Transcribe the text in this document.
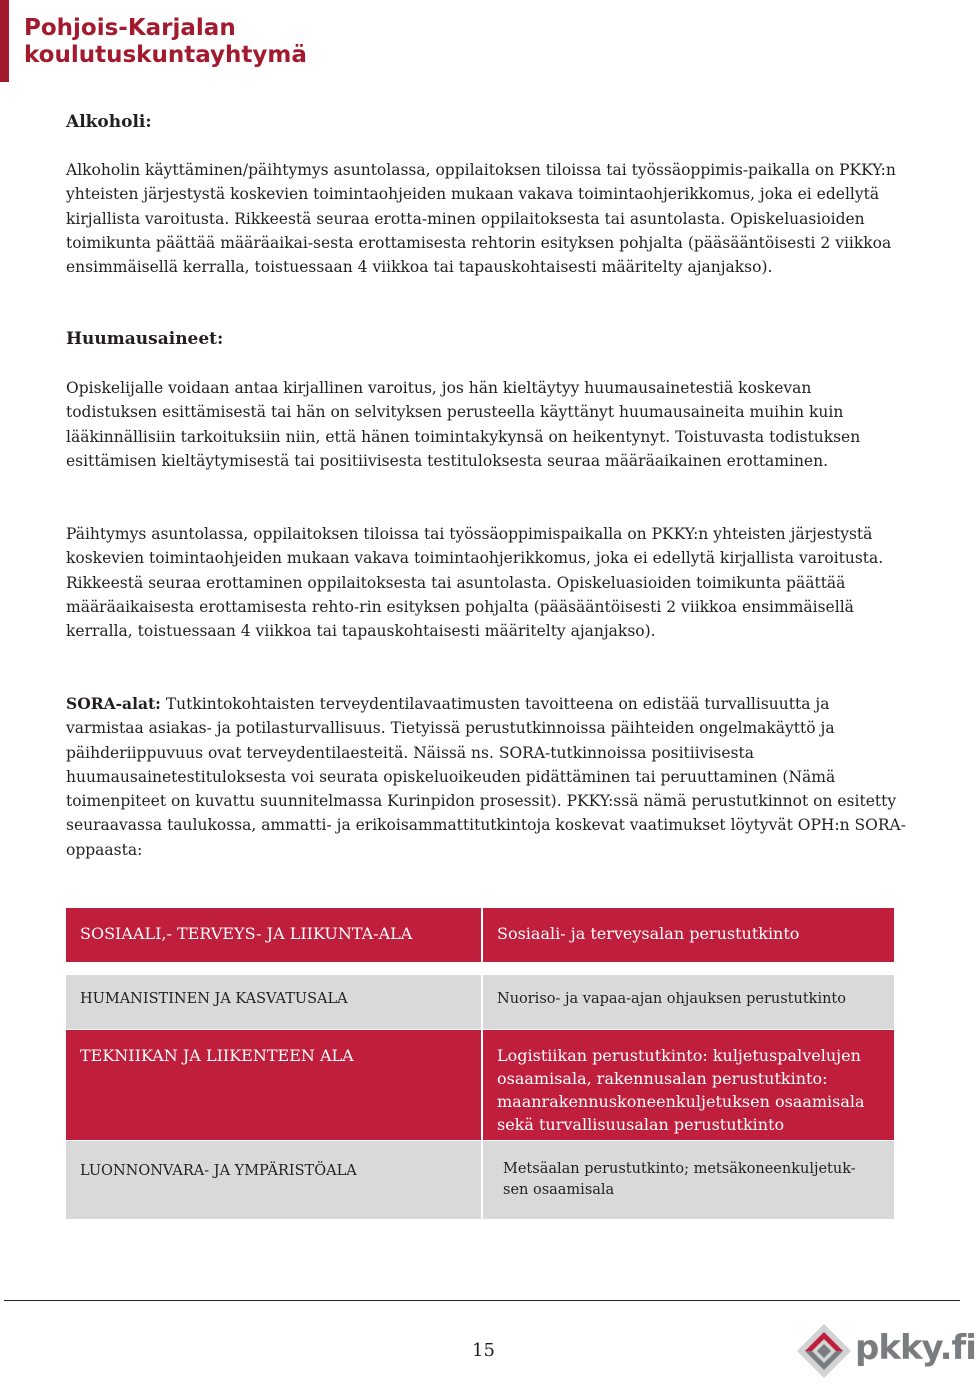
Pohjois-Karjalan
koulutuskuntayhtymä

Alkoholi:

Alkoholin käyttäminen/päihtymys asuntolassa, oppilaitoksen tiloissa tai työssäoppimis-paikalla on PKKY:n yhteisten järjestystä koskevien toimintaohjeiden mukaan vakava toimintaohjerikkomus, joka ei edellytä kirjallista varoitusta. Rikkeestä seuraa erotta-minen oppilaitoksesta tai asuntolasta. Opiskeluasioiden toimikunta päättää määräaikai-sesta erottamisesta rehtorin esityksen pohjalta (pääsääntöisesti 2 viikkoa ensimmäisellä kerralla, toistuessaan 4 viikkoa tai tapauskohtaisesti määritelty ajanjakso).

Huumausaineet:

Opiskelijalle voidaan antaa kirjallinen varoitus, jos hän kieltäytyy huumausainetestiä koskevan todistuksen esittämisestä tai hän on selvityksen perusteella käyttänyt huumausaineita muihin kuin lääkinnällisiin tarkoituksiin niin, että hänen toimintakykynsä on heikentynyt. Toistuvasta todistuksen esittämisen kieltäytymisestä tai positiivisesta testituloksesta seuraa määräaikainen erottaminen.

Päihtymys asuntolassa, oppilaitoksen tiloissa tai työssäoppimispaikalla on PKKY:n yhteisten järjestystä koskevien toimintaohjeiden mukaan vakava toimintaohjerikkomus, joka ei edellytä kirjallista varoitusta. Rikkeestä seuraa erottaminen oppilaitoksesta tai asuntolasta. Opiskeluasioiden toimikunta päättää määräaikaisesta erottamisesta rehto-rin esityksen pohjalta (pääsääntöisesti 2 viikkoa ensimmäisellä kerralla, toistuessaan 4 viikkoa tai tapauskohtaisesti määritelty ajanjakso).

SORA-alat: Tutkintokohtaisten terveydentilavaatimusten tavoitteena on edistää turvallisuutta ja varmistaa asiakas- ja potilasturvallisuus. Tietyissä perustutkinnoissa päihteiden ongelmakäyttö ja päihderiippuvuus ovat terveydentilaesteitä. Näissä ns. SORA-tutkinnoissa positiivisesta huumausainetestituloksesta voi seurata opiskeluoikeuden pidättäminen tai peruuttaminen (Nämä toimenpiteet on kuvattu suunnitelmassa Kurinpidon prosessit). PKKY:ssä nämä perustutkinnot on esitetty seuraavassa taulukossa, ammatti- ja erikoisammattitutkintoja koskevat vaatimukset löytyvät OPH:n SORA-oppaasta:

SOSIAALI,- TERVEYS- JA LIIKUNTA-ALA	Sosiaali- ja terveysalan perustutkinto
HUMANISTINEN JA KASVATUSALA	Nuoriso- ja vapaa-ajan ohjauksen perustutkinto
TEKNIIKAN JA LIIKENTEEN ALA	Logistiikan perustutkinto: kuljetuspalvelujen osaamisala, rakennusalan perustutkinto: maanrakennuskoneenkuljetuksen osaamisala sekä turvallisuusalan perustutkinto
LUONNONVARA- JA YMPÄRISTÖALA	Metsäalan perustutkinto; metsäkoneenkuljetuk-sen osaamisala
15	pkky.fi
